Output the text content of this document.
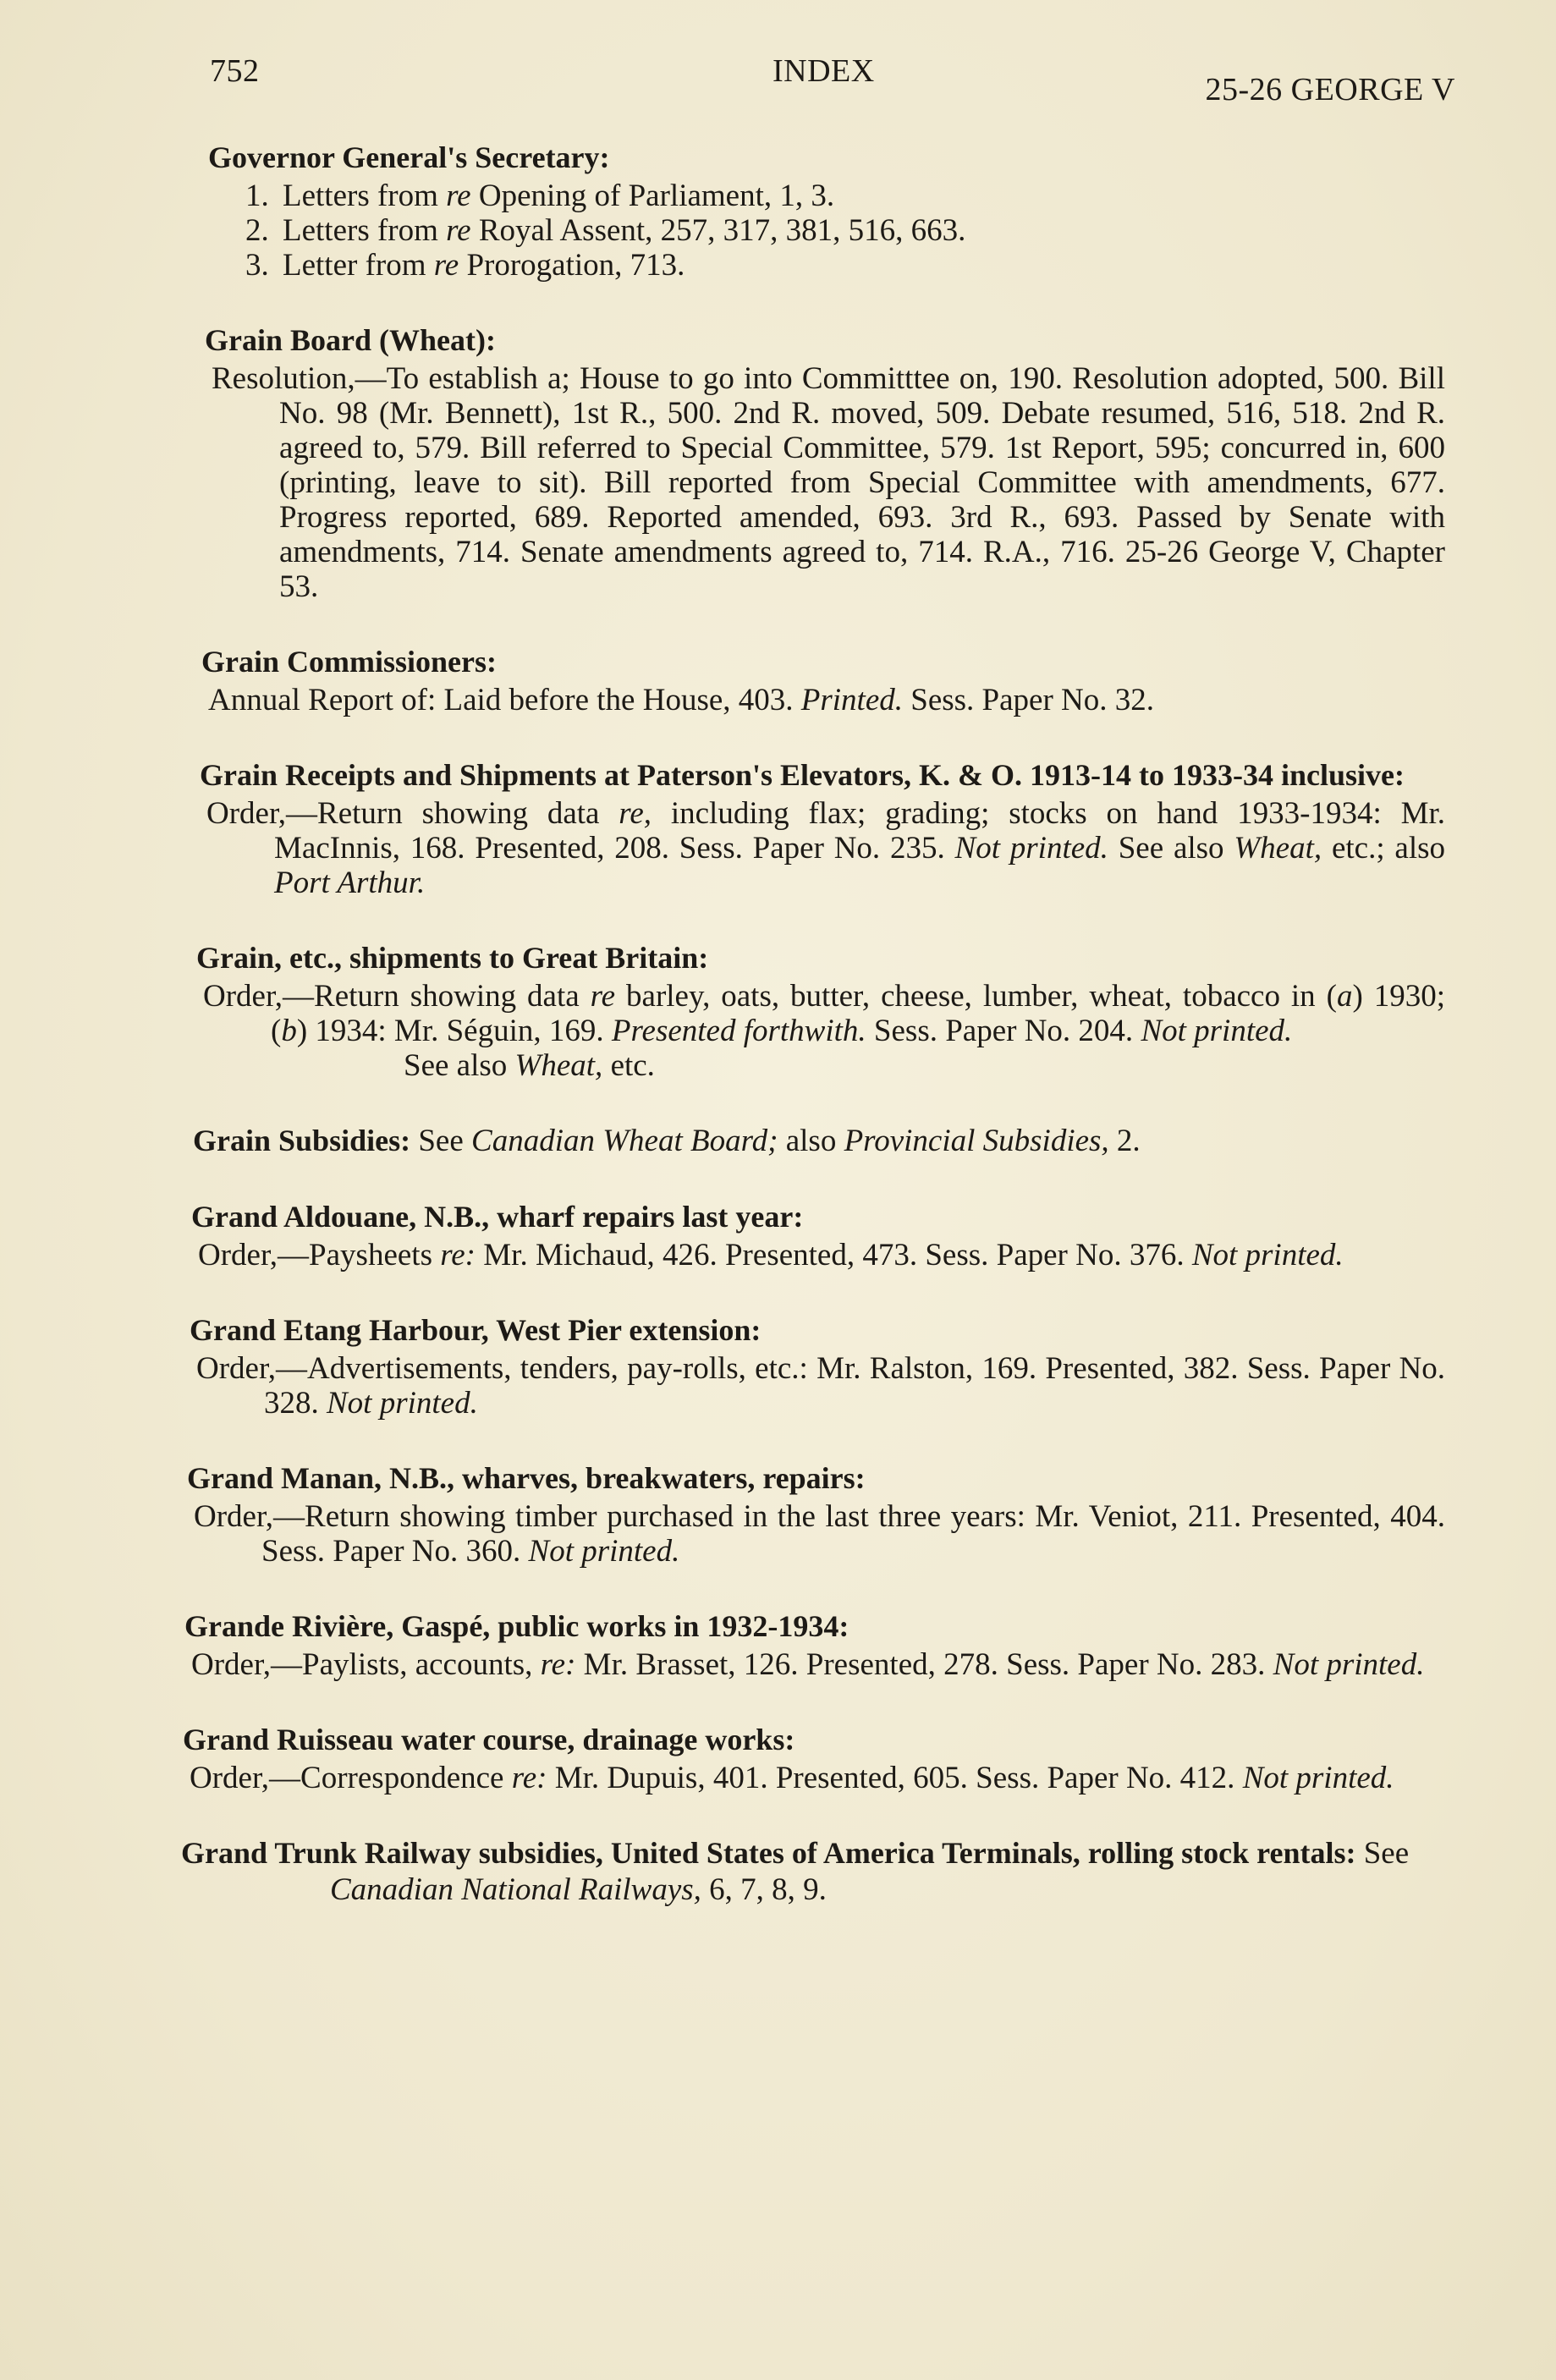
752	INDEX
25-26 GEORGE V

Governor General's Secretary:

1. Letters from re Opening of Parliament, 1, 3.
2. Letters from re Royal Assent, 257, 317, 381, 516, 663.
3. Letter from re Prorogation, 713.

Grain Board (Wheat):

Resolution,—To establish a; House to go into Committtee on, 190. Resolution adopted, 500. Bill No. 98 (Mr. Bennett), 1st R., 500. 2nd R. moved, 509. Debate resumed, 516, 518. 2nd R. agreed to, 579. Bill referred to Special Committee, 579. 1st Report, 595; concurred in, 600 (printing, leave to sit). Bill reported from Special Committee with amendments, 677. Progress reported, 689. Reported amended, 693. 3rd R., 693. Passed by Senate with amendments, 714. Senate amendments agreed to, 714. R.A., 716. 25-26 George V, Chapter 53.

Grain Commissioners:

Annual Report of: Laid before the House, 403. Printed. Sess. Paper No. 32.

Grain Receipts and Shipments at Paterson's Elevators, K. & O. 1913-14 to 1933-34 inclusive:

Order,—Return showing data re, including flax; grading; stocks on hand 1933-1934: Mr. MacInnis, 168. Presented, 208. Sess. Paper No. 235. Not printed. See also Wheat, etc.; also Port Arthur.

Grain, etc., shipments to Great Britain:

Order,—Return showing data re barley, oats, butter, cheese, lumber, wheat, tobacco in (a) 1930; (b) 1934: Mr. Séguin, 169. Presented forthwith. Sess. Paper No. 204. Not printed.

See also Wheat, etc.

Grain Subsidies: See Canadian Wheat Board; also Provincial Subsidies, 2.

Grand Aldouane, N.B., wharf repairs last year:

Order,—Paysheets re: Mr. Michaud, 426. Presented, 473. Sess. Paper No. 376. Not printed.

Grand Etang Harbour, West Pier extension:

Order,—Advertisements, tenders, pay-rolls, etc.: Mr. Ralston, 169. Presented, 382. Sess. Paper No. 328. Not printed.

Grand Manan, N.B., wharves, breakwaters, repairs:

Order,—Return showing timber purchased in the last three years: Mr. Veniot, 211. Presented, 404. Sess. Paper No. 360. Not printed.

Grande Rivière, Gaspé, public works in 1932-1934:

Order,—Paylists, accounts, re: Mr. Brasset, 126. Presented, 278. Sess. Paper No. 283. Not printed.

Grand Ruisseau water course, drainage works:

Order,—Correspondence re: Mr. Dupuis, 401. Presented, 605. Sess. Paper No. 412. Not printed.

Grand Trunk Railway subsidies, United States of America Terminals, rolling stock rentals: See Canadian National Railways, 6, 7, 8, 9.
